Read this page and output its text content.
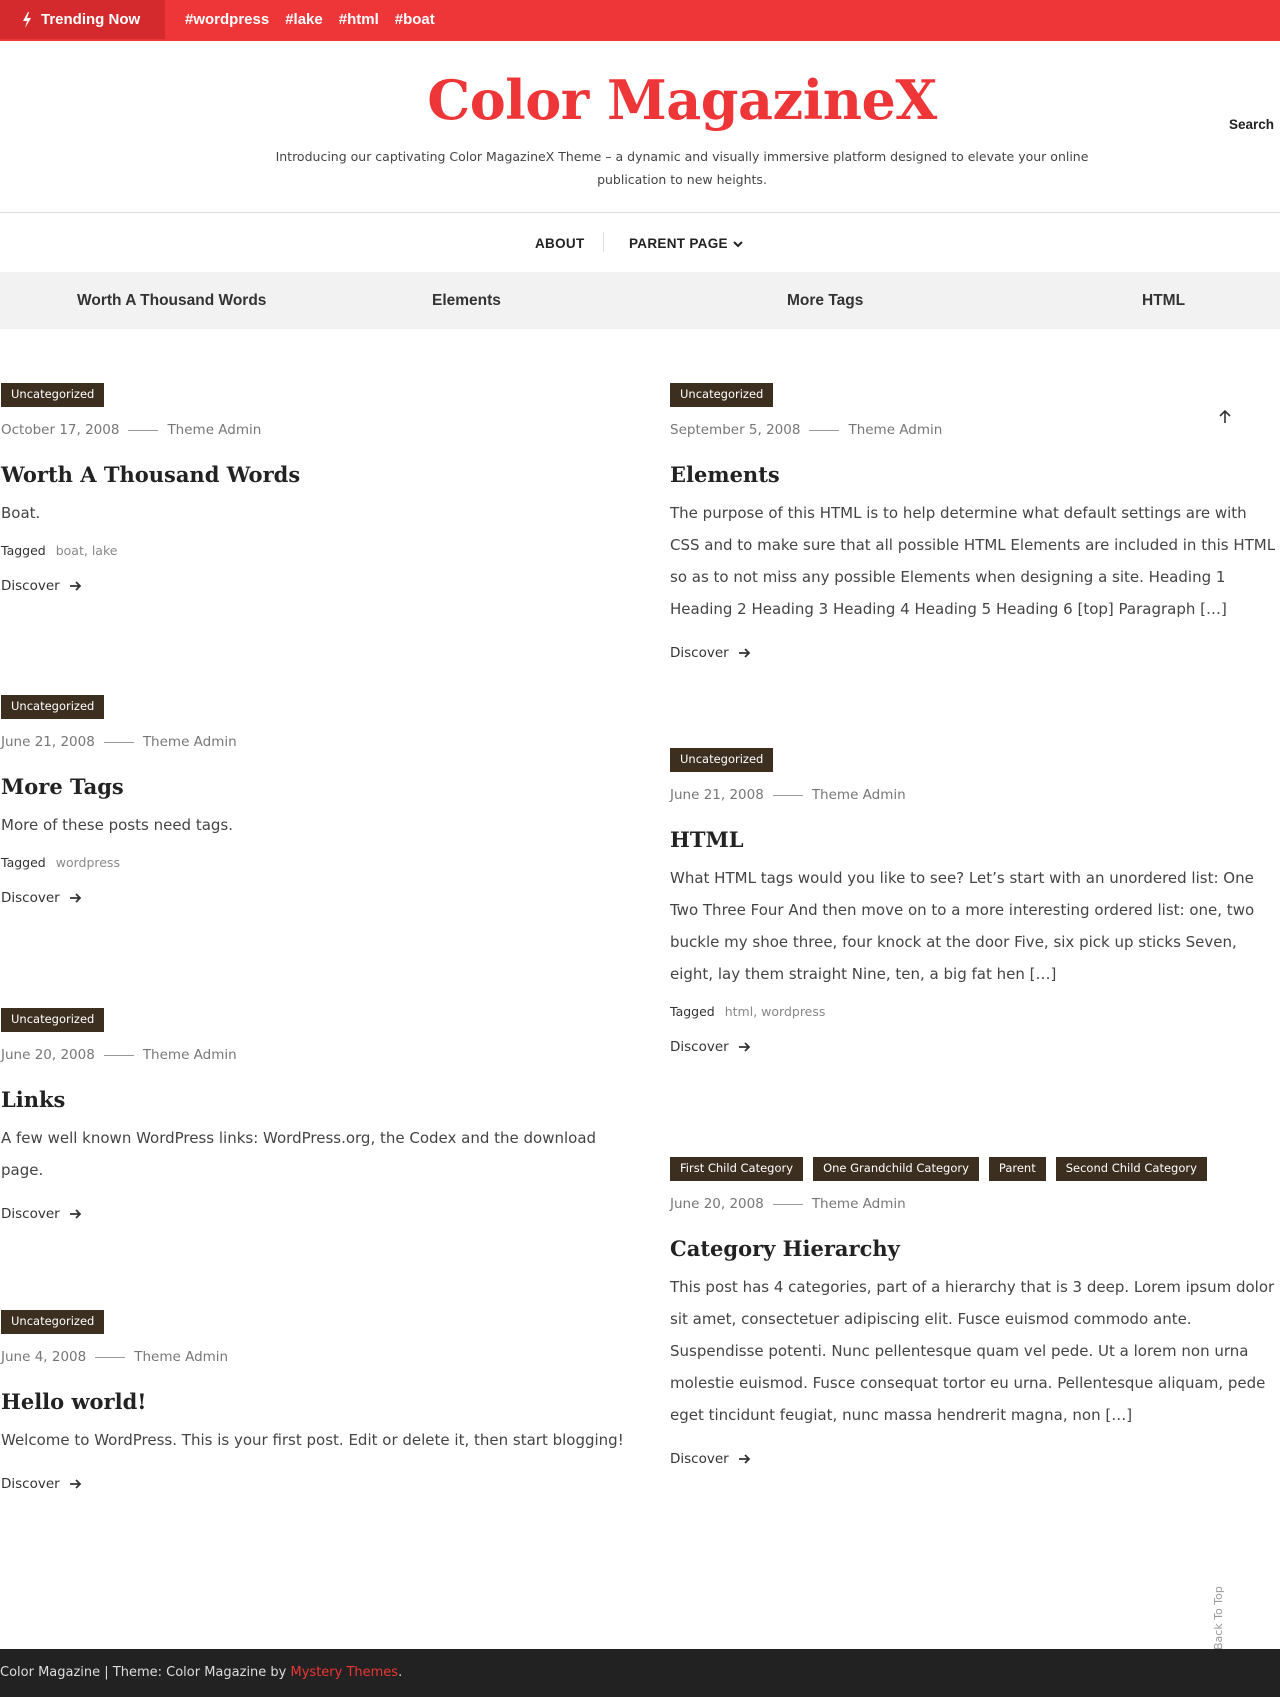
Trending Now	#wordpress #lake #html #boat
Color MagazineX
Introducing our captivating Color MagazineX Theme – a dynamic and visually immersive platform designed to elevate your online publication to new heights.
Search
ABOUT	PARENT PAGE
Worth A Thousand Words	Elements	More Tags	HTML
Uncategorized
October 17, 2008	Theme Admin
Worth A Thousand Words
Boat.
Tagged boat, lake
Discover
Uncategorized
June 21, 2008	Theme Admin
More Tags
More of these posts need tags.
Tagged wordpress
Discover
Uncategorized
June 20, 2008	Theme Admin
Links
A few well known WordPress links: WordPress.org, the Codex and the download page.
Discover
Uncategorized
June 4, 2008	Theme Admin
Hello world!
Welcome to WordPress. This is your first post. Edit or delete it, then start blogging!
Discover
Uncategorized
September 5, 2008	Theme Admin
Elements
The purpose of this HTML is to help determine what default settings are with CSS and to make sure that all possible HTML Elements are included in this HTML so as to not miss any possible Elements when designing a site. Heading 1 Heading 2 Heading 3 Heading 4 Heading 5 Heading 6 [top] Paragraph […]
Discover
Uncategorized
June 21, 2008	Theme Admin
HTML
What HTML tags would you like to see? Let’s start with an unordered list: One Two Three Four And then move on to a more interesting ordered list: one, two buckle my shoe three, four knock at the door Five, six pick up sticks Seven, eight, lay them straight Nine, ten, a big fat hen […]
Tagged html, wordpress
Discover
First Child Category	One Grandchild Category	Parent	Second Child Category
June 20, 2008	Theme Admin
Category Hierarchy
This post has 4 categories, part of a hierarchy that is 3 deep. Lorem ipsum dolor sit amet, consectetuer adipiscing elit. Fusce euismod commodo ante. Suspendisse potenti. Nunc pellentesque quam vel pede. Ut a lorem non urna molestie euismod. Fusce consequat tortor eu urna. Pellentesque aliquam, pede eget tincidunt feugiat, nunc massa hendrerit magna, non […]
Discover
Color Magazine | Theme: Color Magazine by Mystery Themes.
Back To Top
